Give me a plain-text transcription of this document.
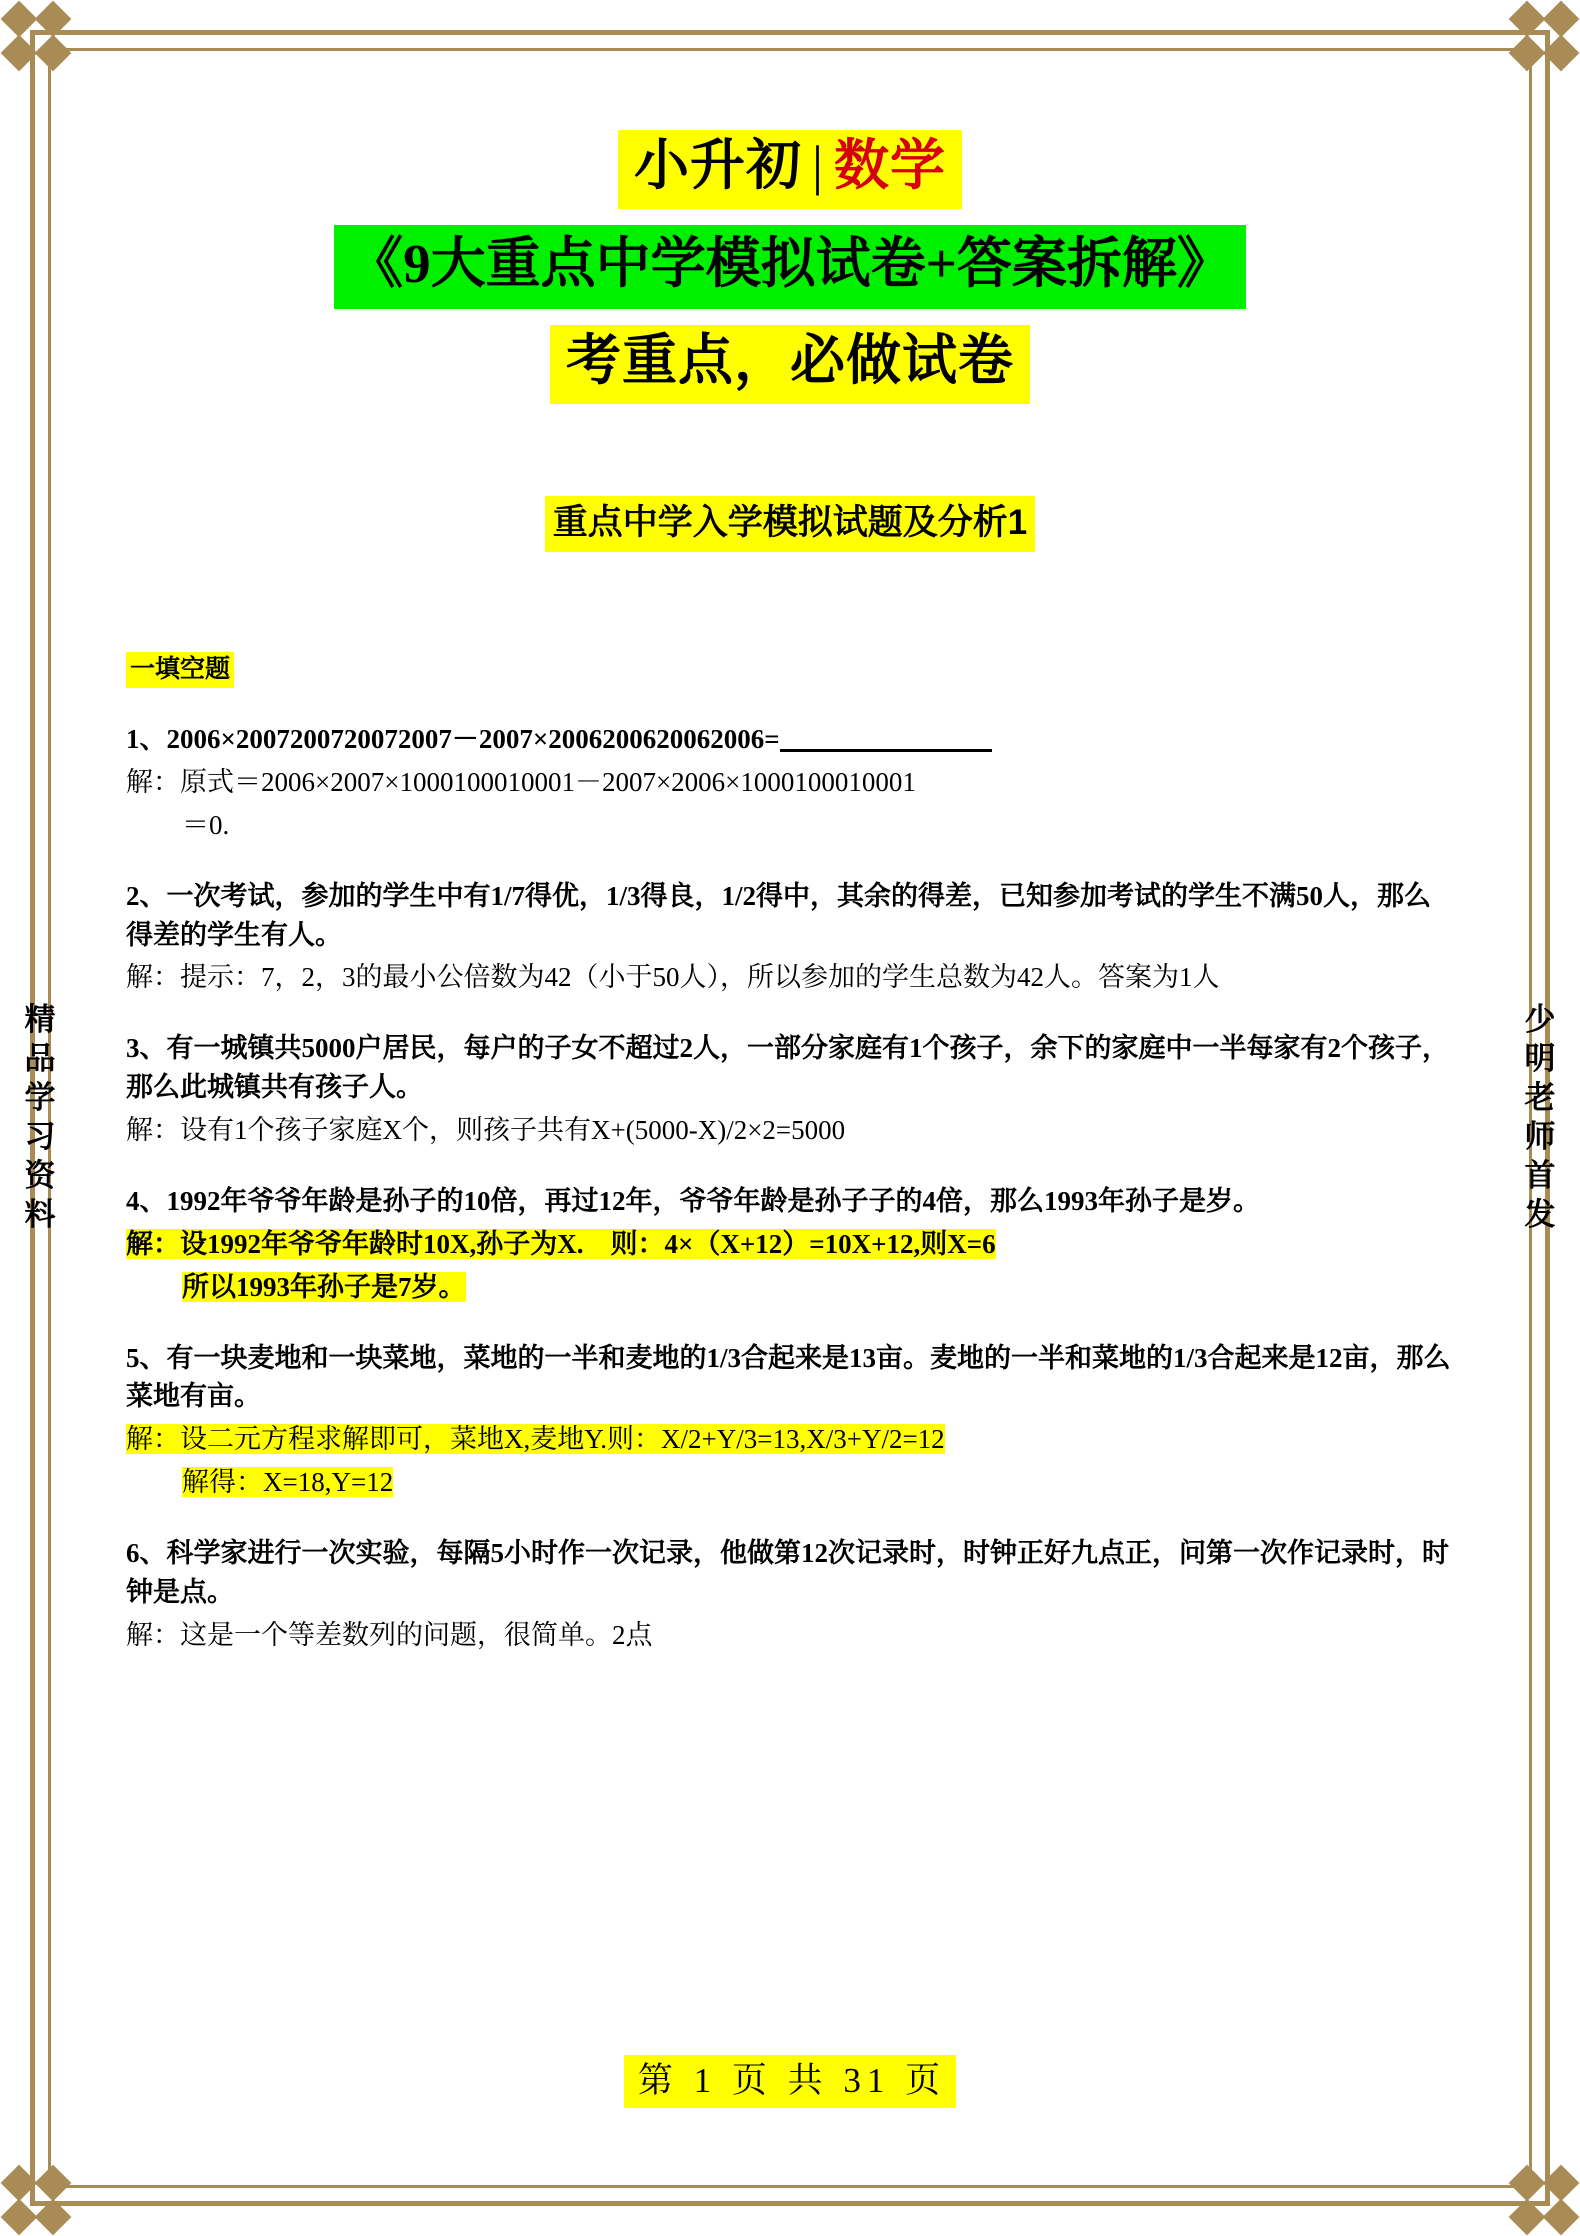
精
品
学
习
资
料
少
明
老
师
首
发
小升初 | 数学
《9大重点中学模拟试卷+答案拆解》
考重点，必做试卷
重点中学入学模拟试题及分析1
一填空题
1、2006×2007200720072007－2007×2006200620062006=
解：原式＝2006×2007×1000100010001－2007×2006×1000100010001
＝0.
2、一次考试，参加的学生中有1/7得优，1/3得良，1/2得中，其余的得差，已知参加考试的学生不满50人，那么得差的学生有人。
解：提示：7，2，3的最小公倍数为42（小于50人），所以参加的学生总数为42人。答案为1人
3、有一城镇共5000户居民，每户的子女不超过2人，一部分家庭有1个孩子，余下的家庭中一半每家有2个孩子，那么此城镇共有孩子人。
解：设有1个孩子家庭X个，则孩子共有X+(5000-X)/2×2=5000
4、1992年爷爷年龄是孙子的10倍，再过12年，爷爷年龄是孙子子的4倍，那么1993年孙子是岁。
解：设1992年爷爷年龄时10X,孙子为X.　则：4×（X+12）=10X+12,则X=6
所以1993年孙子是7岁。
5、有一块麦地和一块菜地，菜地的一半和麦地的1/3合起来是13亩。麦地的一半和菜地的1/3合起来是12亩，那么菜地有亩。
解：设二元方程求解即可，菜地X,麦地Y.则：X/2+Y/3=13,X/3+Y/2=12
解得：X=18,Y=12
6、科学家进行一次实验，每隔5小时作一次记录，他做第12次记录时，时钟正好九点正，问第一次作记录时，时钟是点。
解：这是一个等差数列的问题，很简单。2点
第 1 页 共 31 页
